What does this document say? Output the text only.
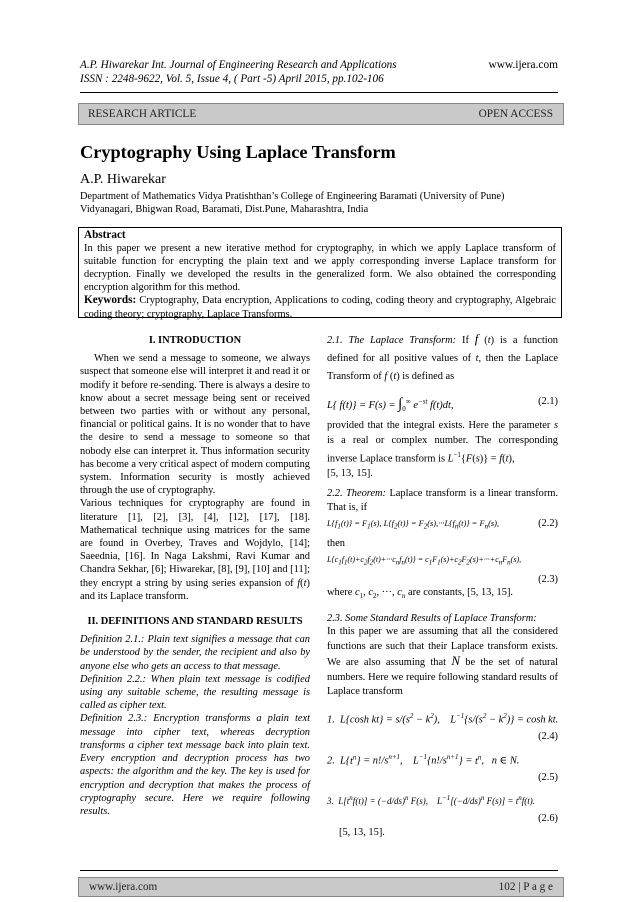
A.P. Hiwarekar Int. Journal of Engineering Research and Applications
ISSN : 2248-9622, Vol. 5, Issue 4, ( Part -5) April 2015, pp.102-106
www.ijera.com
RESEARCH ARTICLE	OPEN ACCESS
Cryptography Using Laplace Transform
A.P. Hiwarekar
Department of Mathematics Vidya Pratishthan’s College of Engineering Baramati (University of Pune)
Vidyanagari, Bhigwan Road, Baramati, Dist.Pune, Maharashtra, India
Abstract
In this paper we present a new iterative method for cryptography, in which we apply Laplace transform of suitable function for encrypting the plain text and we apply corresponding inverse Laplace transform for decryption. Finally we developed the results in the generalized form. We also obtained the corresponding encryption algorithm for this method.
Keywords: Cryptography, Data encryption, Applications to coding, coding theory and cryptography, Algebraic coding theory; cryptography, Laplace Transforms.
I. INTRODUCTION

When we send a message to someone, we always suspect that someone else will interpret it and read it or modify it before re-sending. There is always a desire to know about a secret message being sent or received between two parties with or without any personal, financial or political gains. It is no wonder that to have the desire to send a message to someone so that nobody else can interpret it. Thus information security has become a very critical aspect of modern computing system. Information security is mostly achieved through the use of cryptography.

Various techniques for cryptography are found in literature [1], [2], [3], [4], [12], [17], [18]. Mathematical technique using matrices for the same are found in Overbey, Traves and Wojdylo, [14]; Saeednia, [16]. In Naga Lakshmi, Ravi Kumar and Chandra Sekhar, [6]; Hiwarekar, [8], [9], [10] and [11]; they encrypt a string by using series expansion of f(t) and its Laplace transform.

II. DEFINITIONS AND STANDARD RESULTS

Definition 2.1.: Plain text signifies a message that can be understood by the sender, the recipient and also by anyone else who gets an access to that message.

Definition 2.2.: When plain text message is codified using any suitable scheme, the resulting message is called as cipher text.

Definition 2.3.: Encryption transforms a plain text message into cipher text, whereas decryption transforms a cipher text message back into plain text. Every encryption and decryption process has two aspects: the algorithm and the key. The key is used for encryption and decryption that makes the process of cryptography secure. Here we require following results.

2.1. The Laplace Transform: If f (t) is a function defined for all positive values of t, then the Laplace Transform of f (t) is defined as

L{ $f(t)\} = F(s) = \int_0^\infty$ $e^{-st}$ f(t)dt,	(2.1)

provided that the integral exists. Here the parameter s is a real or complex number. The corresponding inverse Laplace transform is $L^{-1}\{F(s)\} = f(t)$,
[5, 13, 15].

2.2. Theorem: Laplace transform is a linear transform. That is, if

$L\{f_1(t)\} = F_1(s)$, $L\{f_2(t)\} = F_2(s),\cdot\cdot\cdot L\{f_n(t)\} = F_n(s)$,	(2.2)

then

$L\{c_1f_1(t)+c_2f_2(t)+\cdot\cdot\cdot c_nf_n(t)\} = c_1F_1(s)+c_2F_2(s)+\cdot\cdot\cdot+c_nF_n(s)$,
(2.3)

where $c_1$, $c_2$, ···, $c_n$ are constants, [5, 13, 15].

2.3. Some Standard Results of Laplace Transform:

In this paper we are assuming that all the considered functions are such that their Laplace transform exists. We are also assuming that N be the set of natural numbers. Here we require following standard results of Laplace transform

1.  L{cosh $kt\} = s/(s^2 - k^2)$,    $L^{-1}\{s/(s^2 - k^2)\} = \cosh$ kt.
(2.4)
2.  $L\{t^n\} = n!/s^{n+1}$,    $L^{-1}\{n!/s^{n+1}\} = t^n$,   n ∈ N.
(2.5)
3.  $L[t^nf(t)] = (-d/ds)^n$ F(s),    $L^{-1}[(-d/ds)^n$ $F(s)] = t^nf(t)$.
(2.6)

[5, 13, 15].

www.ijera.com	102 | P a g e
